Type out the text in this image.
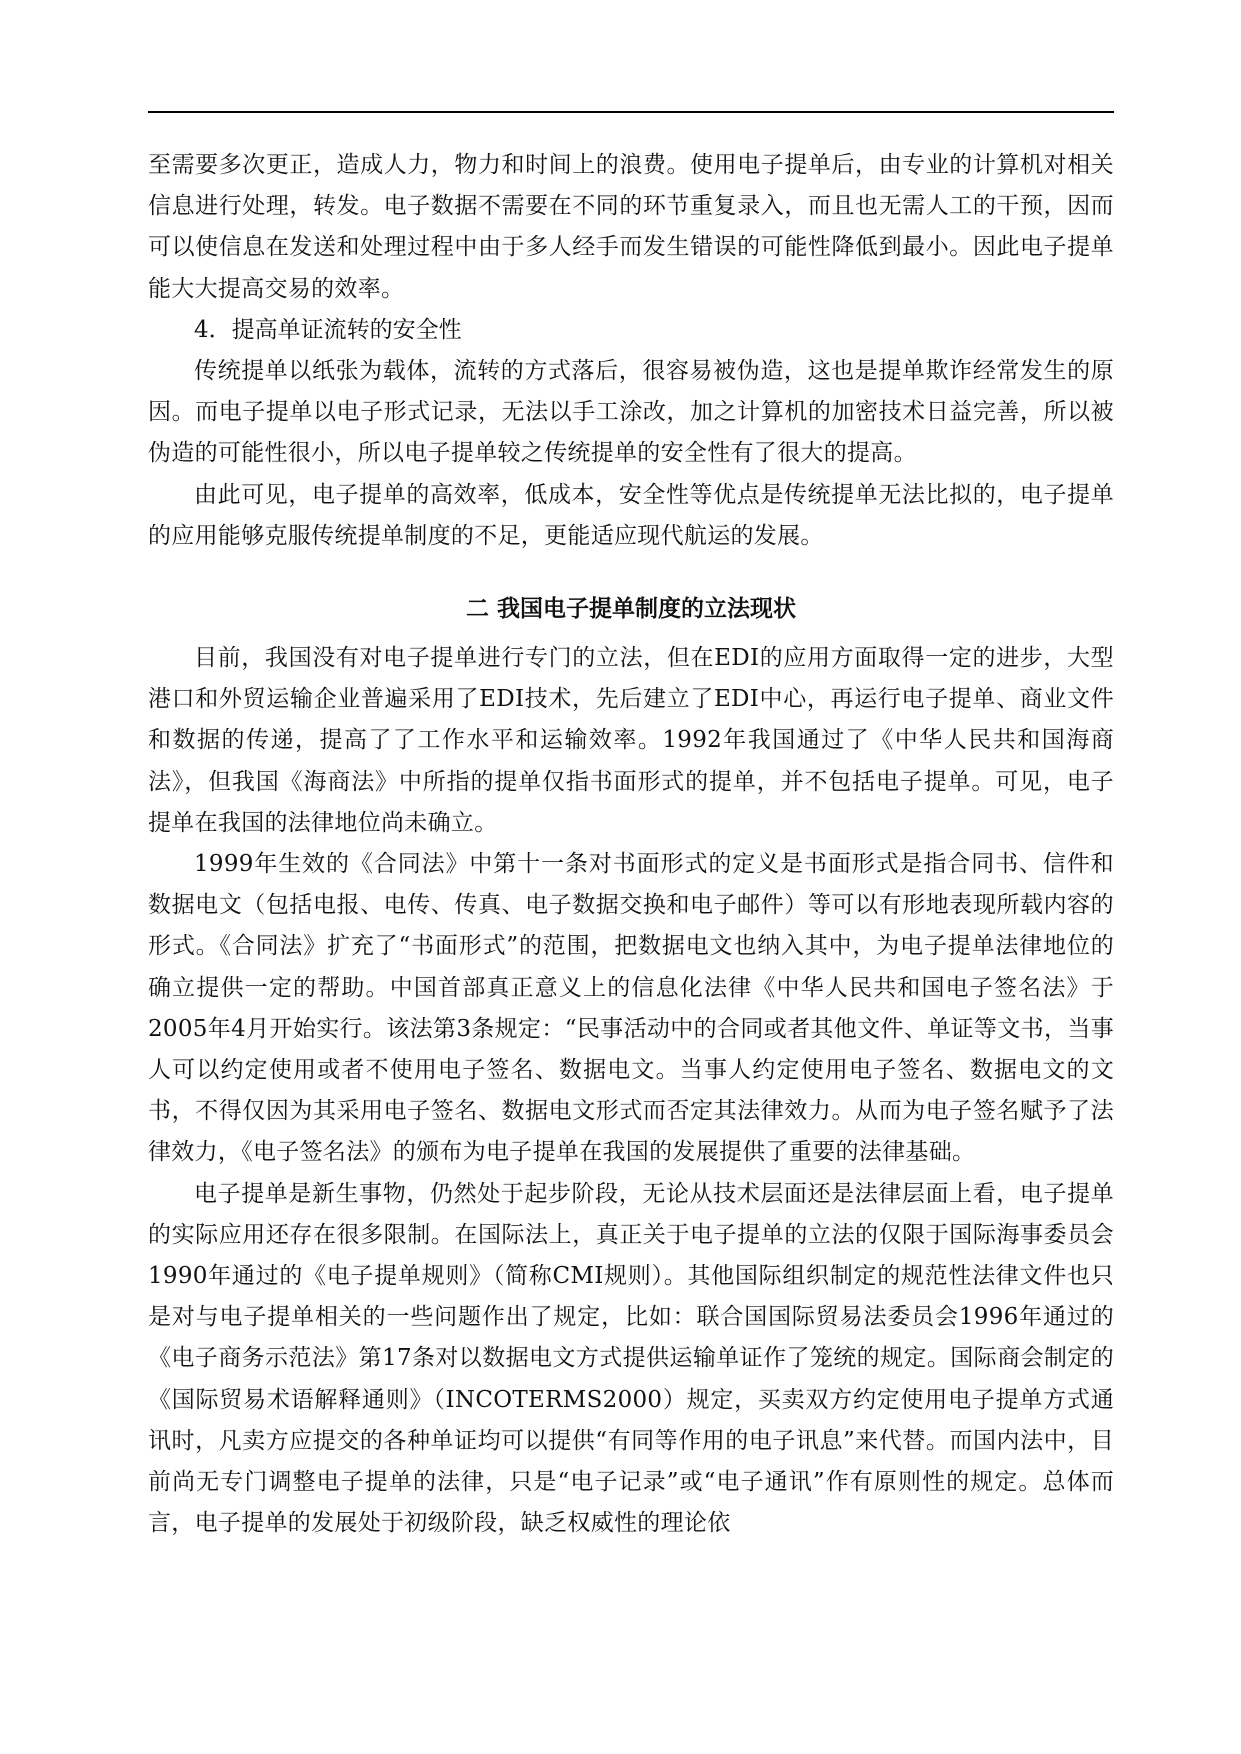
至需要多次更正，造成人力，物力和时间上的浪费。使用电子提单后，由专业的计算机对相关信息进行处理，转发。电子数据不需要在不同的环节重复录入，而且也无需人工的干预，因而可以使信息在发送和处理过程中由于多人经手而发生错误的可能性降低到最小。因此电子提单能大大提高交易的效率。

4．提高单证流转的安全性

传统提单以纸张为载体，流转的方式落后，很容易被伪造，这也是提单欺诈经常发生的原因。而电子提单以电子形式记录，无法以手工涂改，加之计算机的加密技术日益完善，所以被伪造的可能性很小，所以电子提单较之传统提单的安全性有了很大的提高。

由此可见，电子提单的高效率，低成本，安全性等优点是传统提单无法比拟的，电子提单的应用能够克服传统提单制度的不足，更能适应现代航运的发展。

二 我国电子提单制度的立法现状

目前，我国没有对电子提单进行专门的立法，但在EDI的应用方面取得一定的进步，大型港口和外贸运输企业普遍采用了EDI技术，先后建立了EDI中心，再运行电子提单、商业文件和数据的传递，提高了了工作水平和运输效率。1992年我国通过了《中华人民共和国海商法》，但我国《海商法》中所指的提单仅指书面形式的提单，并不包括电子提单。可见，电子提单在我国的法律地位尚未确立。

1999年生效的《合同法》中第十一条对书面形式的定义是书面形式是指合同书、信件和数据电文（包括电报、电传、传真、电子数据交换和电子邮件）等可以有形地表现所载内容的形式。《合同法》扩充了“书面形式”的范围，把数据电文也纳入其中，为电子提单法律地位的确立提供一定的帮助。中国首部真正意义上的信息化法律《中华人民共和国电子签名法》于2005年4月开始实行。该法第3条规定：“民事活动中的合同或者其他文件、单证等文书，当事人可以约定使用或者不使用电子签名、数据电文。当事人约定使用电子签名、数据电文的文书，不得仅因为其采用电子签名、数据电文形式而否定其法律效力。从而为电子签名赋予了法律效力，《电子签名法》的颁布为电子提单在我国的发展提供了重要的法律基础。

电子提单是新生事物，仍然处于起步阶段，无论从技术层面还是法律层面上看，电子提单的实际应用还存在很多限制。在国际法上，真正关于电子提单的立法的仅限于国际海事委员会1990年通过的《电子提单规则》（简称CMI规则）。其他国际组织制定的规范性法律文件也只是对与电子提单相关的一些问题作出了规定，比如：联合国国际贸易法委员会1996年通过的《电子商务示范法》第17条对以数据电文方式提供运输单证作了笼统的规定。国际商会制定的《国际贸易术语解释通则》（INCOTERMS2000）规定，买卖双方约定使用电子提单方式通讯时，凡卖方应提交的各种单证均可以提供“有同等作用的电子讯息”来代替。而国内法中，目前尚无专门调整电子提单的法律，只是“电子记录”或“电子通讯”作有原则性的规定。总体而言，电子提单的发展处于初级阶段，缺乏权威性的理论依
